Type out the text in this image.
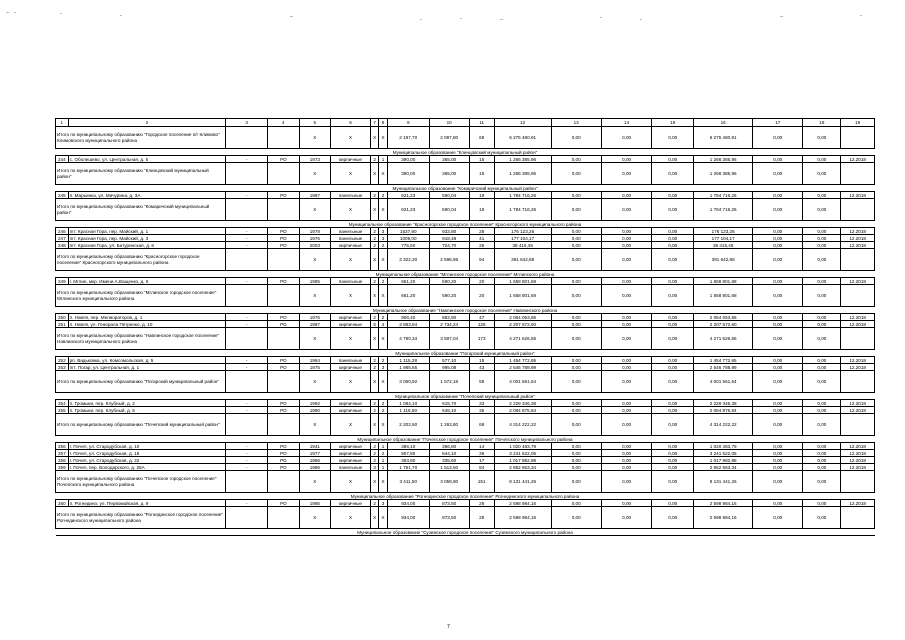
1	2	3	4	5	6	7	8	9	10	11	12	13	14	15	16	17	18	19
Итого по муниципальному образованию "Городское поселение п/г Климово" Климовского муниципального района				X	X	X	X	2 197,70	2 097,80	69	6 275 480,91	0,00	0,00	0,00	6 275 480,91	0,00	0,00	
Муниципальное образование "Клинцовский муниципальный район"																		
244	с. Оболешево, ул. Центральная, д. 5	-	РО	1973	кирпичные	2	1	390,00	365,00	15	1 266 385,96	0,00	0,00	0,00	1 266 385,96	0,00	0,00	12.2018
Итого по муниципальному образованию "Клинцовский муниципальный район"				X	X	X	X	390,00	365,00	15	1 266 385,96	0,00	0,00	0,00	1 266 385,96	0,00	0,00	
Муниципальное образование "Комаричский муниципальный район"																		
245	п. Марьинка, ул. Мичурина, д. 3А	-	РО	1987	панельные	2	2	621,23	590,04	19	1 784 716,26	0,00	0,00	0,00	1 784 716,26	0,00	0,00	12.2018
Итого по муниципальному образованию "Комаричский муниципальный район"				X	X	X	X	621,23	590,04	19	1 784 716,26	0,00	0,00	0,00	1 784 716,26	0,00	0,00	
Муниципальное образование "Красногорское городское поселение" Красногорского муниципального района																		
246	пгт. Красная Гора, пер. Майский, д. 1	-	РО	1978	панельные	2	3	1537,80	933,80	28	176 123,26	0,00	0,00	0,00	176 123,26	0,00	0,00	12.2018
247	пгт. Красная Гора, пер. Майский, д. 3	-	РО	1976	панельные	2	3	1009,00	918,48	41	177 104,17	0,00	0,00	0,00	177 104,17	0,00	0,00	12.2018
248	пгт. Красная Гора, ул. Батуринская, д. 6	-	РО	2003	кирпичные	2	2	775,50	724,70	25	38 415,45	0,00	0,00	0,00	38 415,45	0,00	0,00	12.2018
Итого по муниципальному образованию "Красногорское городское поселение" Красногорского муниципального района				X	X	X	X	3 322,30	2 596,98	94	391 642,88	0,00	0,00	0,00	391 642,88	0,00	0,00	
Муниципальное образование "Мглинское городское поселение" Мглинского района																		
249	г. Мглин, мкр. Имени А.Ващенко, д. 6	-	РО	1985	панельные	2	2	661,20	590,20	20	1 658 801,68	0,00	0,00	0,00	1 658 801,68	0,00	0,00	12.2018
Итого по муниципальному образованию "Мглинское городское поселение" Мглинского муниципального района				X	X	X	X	661,20	590,20	20	1 658 801,68	0,00	0,00	0,00	1 658 801,68	0,00	0,00	
Муниципальное образование "Навлинское городское поселение" Навлинского района																		
250	п. Навля, пер. Мелиораторов, д. 1	-	РО	1976	кирпичные	2	2	906,40	862,80	47	2 064 053,86	0,00	0,00	0,00	2 064 053,86	0,00	0,00	12.2018
251	п. Навля, ул. Генерала Петренко, д. 10	-	РО	1987	кирпичные	5	4	3 883,94	2 734,24	126	2 207 572,60	0,00	0,00	0,00	2 207 572,60	0,00	0,00	12.2018
Итого по муниципальному образованию "Навлинское городское поселение" Навлинского муниципального района				X	X	X	X	4 790,34	3 597,04	173	4 271 626,56	0,00	0,00	0,00	4 271 626,56	0,00	0,00	
Муниципальное образование "Погарский муниципальный район"																		
252	рп. Вадьковка, ул. Комсомольская, д. 5	-	РО	1964	панельные	2	2	1 115,28	577,10	15	1 454 772,65	0,00	0,00	0,00	1 454 772,65	0,00	0,00	12.2018
253	пгт. Погар, ул. Центральная, д. 1	-	РО	1975	кирпичные	2	3	1 985,65	995,08	43	2 546 788,99	0,00	0,00	0,00	2 546 788,99	0,00	0,00	12.2018
Итого по муниципальному образованию "Погарский муниципальный район"				X	X	X	X	3 060,92	1 572,18	58	4 001 561,64	0,00	0,00	0,00	4 001 561,64	0,00	0,00	
Муниципальное образование "Почепский муниципальный район"																		
254	п. Громыки, пер. Клубный, д. 2	-	РО	1992	кирпичные	2	2	1 084,10	615,70	33	2 229 346,38	0,00	0,00	0,00	2 229 346,38	0,00	0,00	12.2018
255	п. Громыки, пер. Клубный, д. 5	-	РО	1990	кирпичные	2	2	1 118,50	648,10	35	2 084 875,84	0,00	0,00	0,00	2 084 875,84	0,00	0,00	12.2018
Итого по муниципальному образованию "Почепский муниципальный район"				X	X	X	X	2 202,60	1 263,80	68	4 314 222,22	0,00	0,00	0,00	4 314 222,22	0,00	0,00	
Муниципальное образование "Почепское городское поселение" Почепского муниципального района																		
256	г. Почеп, ул. Стародубская, д. 10	-	РО	1941	кирпичные	2	1	386,10	366,80	14	1 020 483,79	0,00	0,00	0,00	1 020 483,79	0,00	0,00	12.2018
257	г. Почеп, ул. Стародубская, д. 18	-	РО	1977	кирпичные	2	2	907,80	844,10	36	3 241 522,05	0,00	0,00	0,00	3 241 522,05	0,00	0,00	12.2018
258	г. Почеп, ул. Стародубская, д. 22	-	РО	1966	кирпичные	2	1	353,80	335,60	17	1 017 982,98	0,00	0,00	0,00	1 017 982,98	0,00	0,00	12.2018
259	г. Почеп, пер. Володарского, д. 25А	-	РО	1986	панельные	3	1	1 751,70	1 513,50	84	2 852 663,34	0,00	0,00	0,00	2 852 663,34	0,00	0,00	12.2018
Итого по муниципальному образованию "Почепское городское поселение" Почепского муниципального района				X	X	X	X	3 411,50	3 059,90	151	8 131 441,26	0,00	0,00	0,00	8 131 441,26	0,00	0,00	
Муниципальное образование "Рогнединское городское поселение" Рогнединского муниципального района																		
260	п. Рогнедино, ул. Первомайская, д. 9	-	РО	1985	кирпичные	2	3	934,00	873,50	28	2 598 984,16	0,00	0,00	0,00	2 598 984,16	0,00	0,00	12.2018
Итого по муниципальному образованию "Рогнединское городское поселение" Рогнединского муниципального района				X	X	X	X	934,00	873,50	28	2 598 984,16	0,00	0,00	0,00	2 598 984,16	0,00	0,00	
Муниципальное образование "Суземское городское поселение" Суземского муниципального района																		
7
